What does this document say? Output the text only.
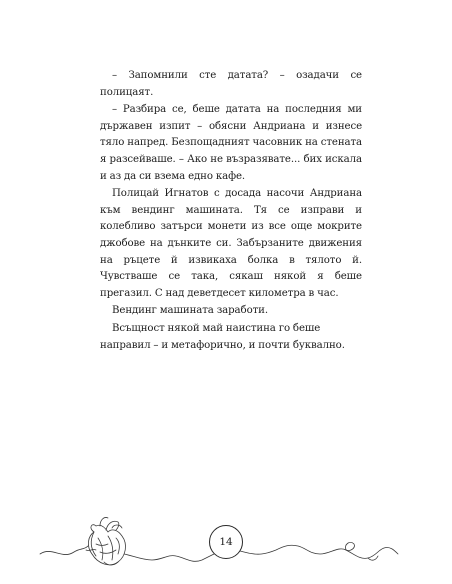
– Запомнили сте датата? – озадачи се полицаят.

– Разбира се, беше датата на последния ми държавен изпит – обясни Андриана и изнесе тяло напред. Безпощадният часовник на стената я разсейваше. – Ако не възразявате... бих искала и аз да си взема едно кафе.

Полицай Игнатов с досада насочи Андриана към вендинг машината. Тя се изправи и колебливо затърси монети из все още мокрите джобове на дънките си. Забързаните движения на ръцете й извикаха болка в тялото й. Чувстваше се така, сякаш някой я беше прегазил. С над деветдесет километра в час.

Вендинг машината заработи.

Всъщност някой май наистина го беше направил – и метафорично, и почти буквално.

14
